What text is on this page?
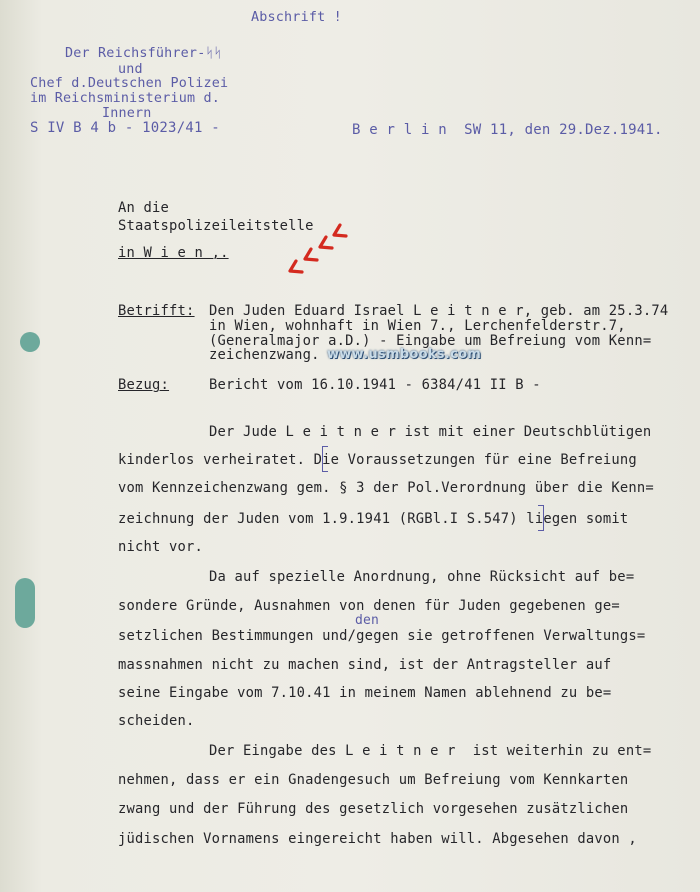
Abschrift !
Der Reichsführer-ᛋᛋ
und
Chef d.Deutschen Polizei
im Reichsministerium d.
Innern
S IV B 4 b - 1023/41 -	B e r l i n  SW 11, den 29.Dez.1941.
An die
Staatspolizeileitstelle
in W i e n ,.
Betrifft: Den Juden Eduard Israel L e i t n e r, geb. am 25.3.74
in Wien, wohnhaft in Wien 7., Lerchenfelderstr.7,
(Generalmajor a.D.) - Eingabe um Befreiung vom Kenn=
zeichenzwang. www.usmbooks.com
Bezug:	Bericht vom 16.10.1941 - 6384/41 II B -
Der Jude L e i t n e r ist mit einer Deutschblütigen
kinderlos verheiratet. Die Voraussetzungen für eine Befreiung
vom Kennzeichenzwang gem. § 3 der Pol.Verordnung über die Kenn=
zeichnung der Juden vom 1.9.1941 (RGBl.I S.547) liegen somit
nicht vor.
Da auf spezielle Anordnung, ohne Rücksicht auf be=
sondere Gründe, Ausnahmen von denen für Juden gegebenen ge=
den
setzlichen Bestimmungen und/gegen sie getroffenen Verwaltungs=
massnahmen nicht zu machen sind, ist der Antragsteller auf
seine Eingabe vom 7.10.41 in meinem Namen ablehnend zu be=
scheiden.
Der Eingabe des L e i t n e r  ist weiterhin zu ent=
nehmen, dass er ein Gnadengesuch um Befreiung vom Kennkarten
zwang und der Führung des gesetzlich vorgesehen zusätzlichen
jüdischen Vornamens eingereicht haben will. Abgesehen davon ,
